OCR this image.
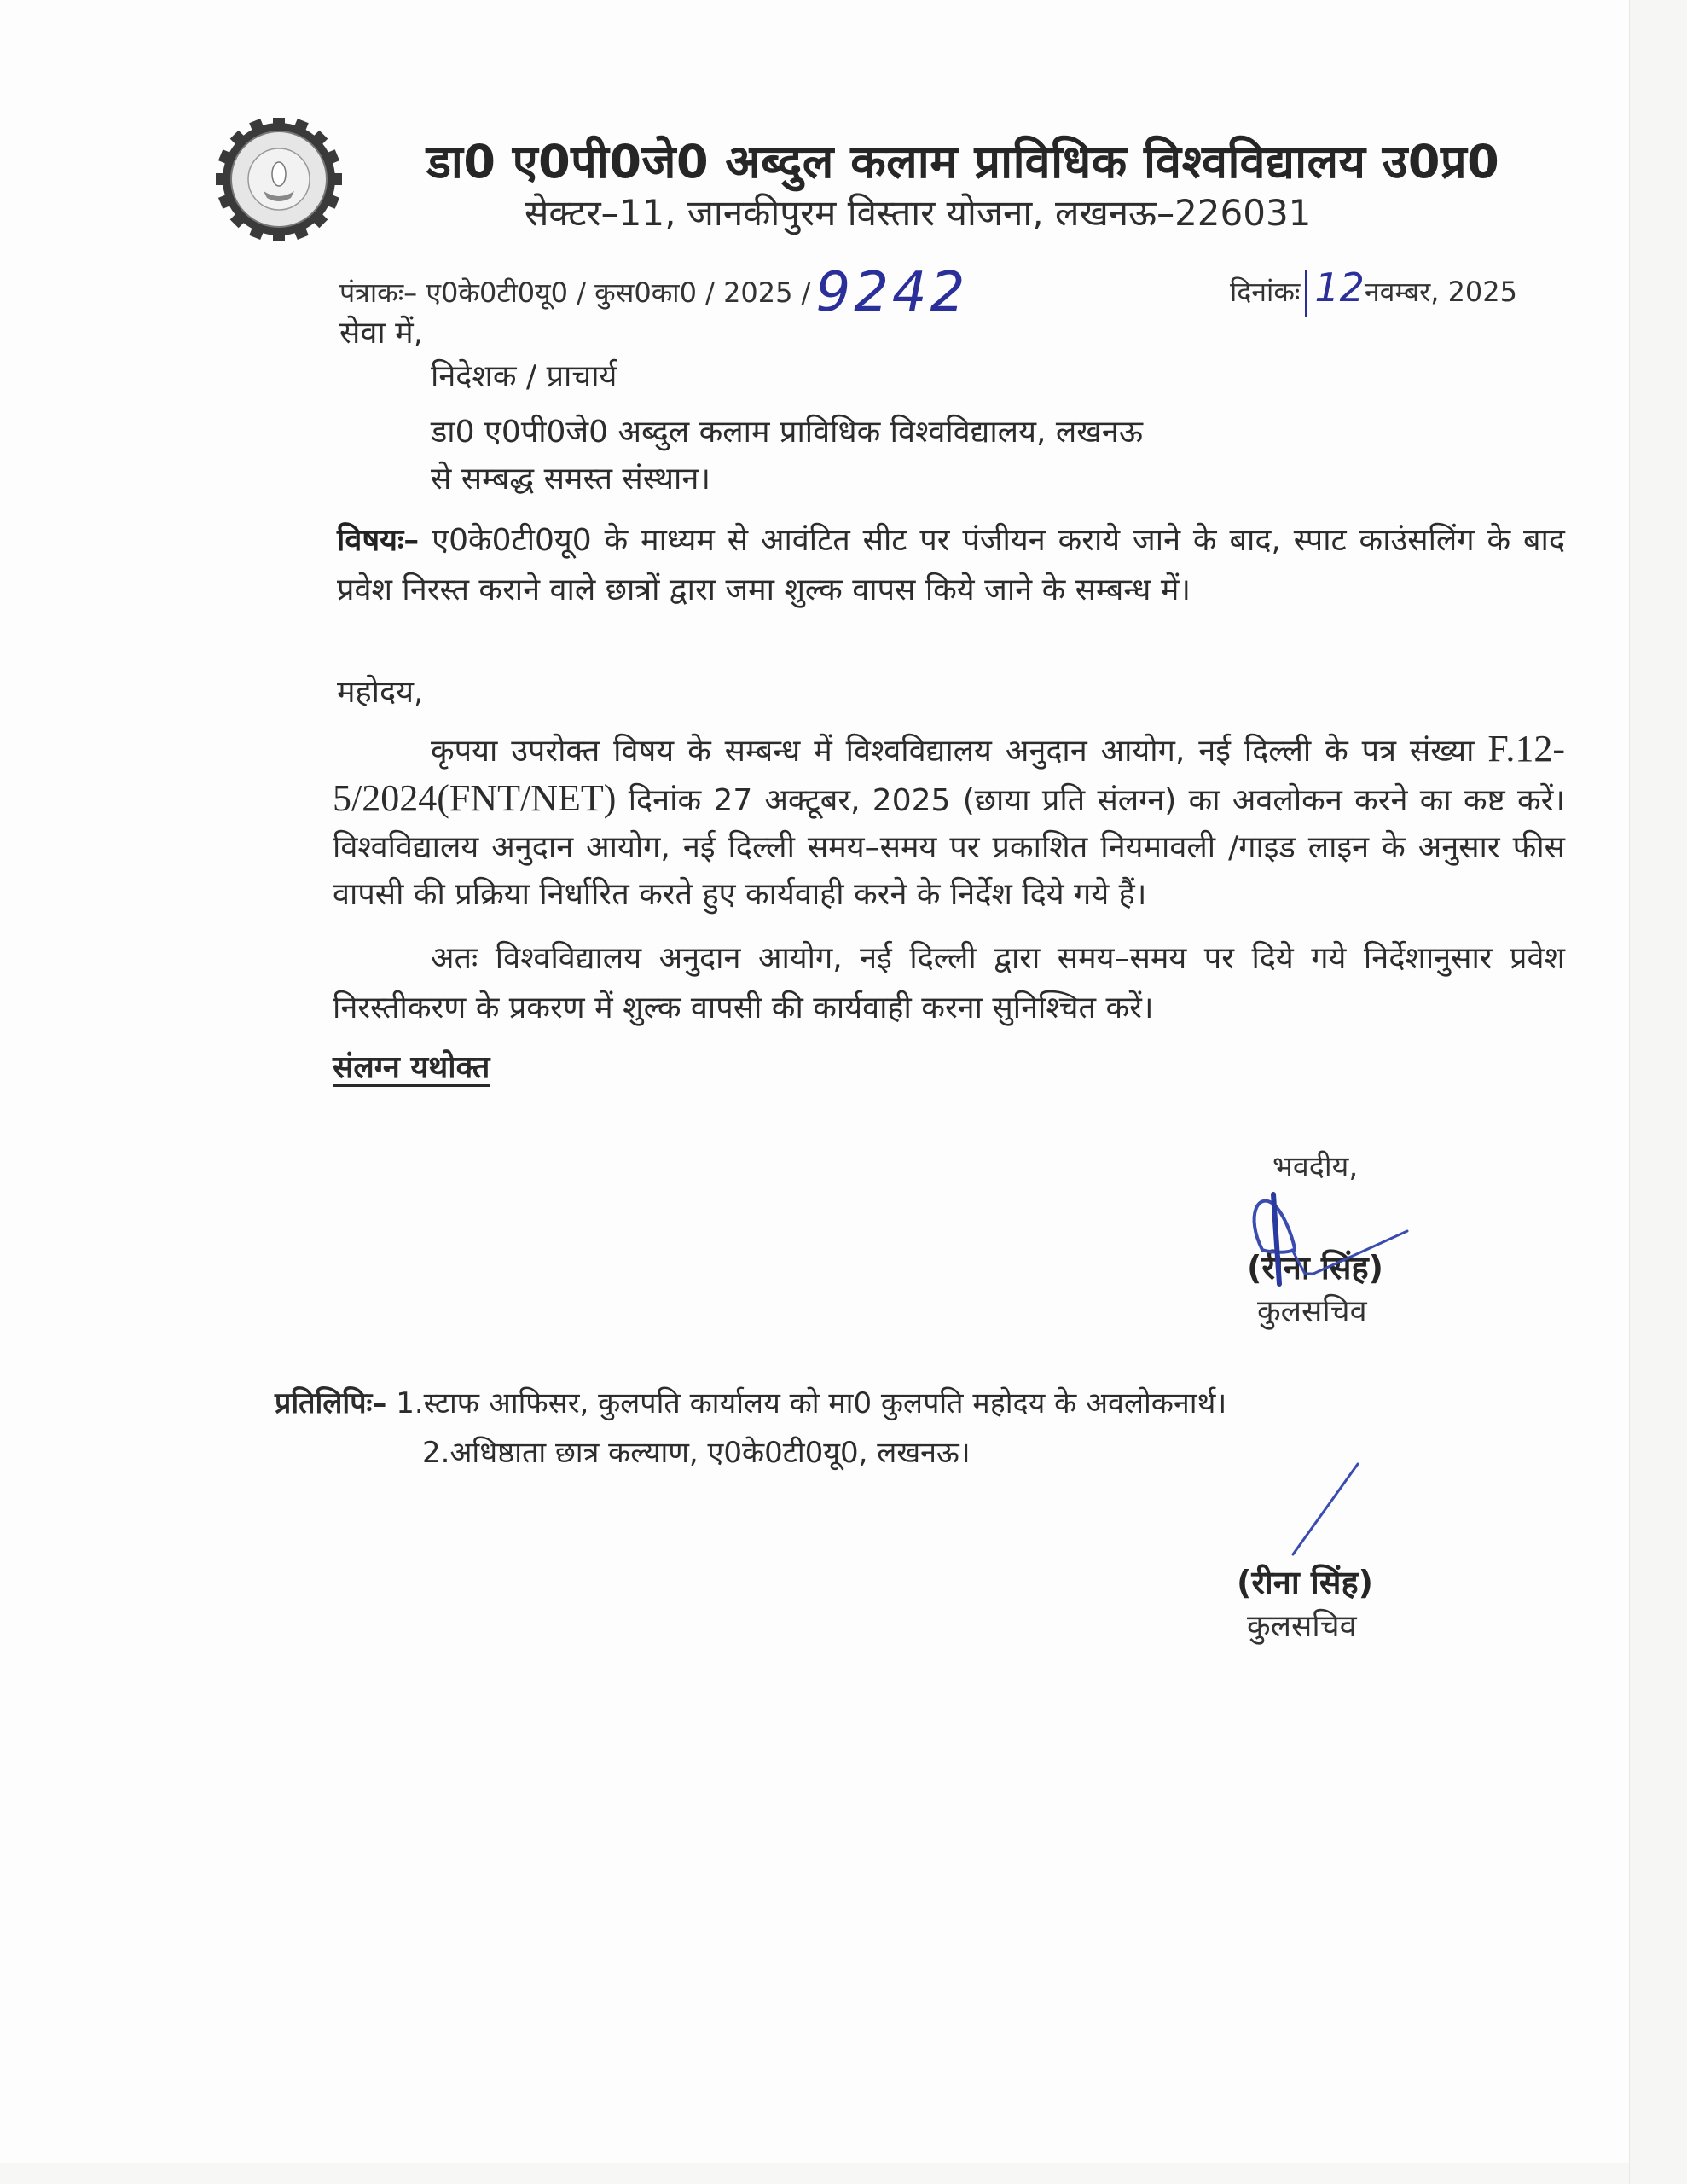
डा0 ए0पी0जे0 अब्दुल कलाम प्राविधिक विश्वविद्यालय उ0प्र0
सेक्टर–11, जानकीपुरम विस्तार योजना, लखनऊ–226031
पंत्राकः– ए0के0टी0यू0 / कुस0का0 / 2025 /9242	दिनांकः 12नवम्बर, 2025
सेवा में,
निदेशक / प्राचार्य
डा0 ए0पी0जे0 अब्दुल कलाम प्राविधिक विश्वविद्यालय, लखनऊ
से सम्बद्ध समस्त संस्थान।
विषयः– ए0के0टी0यू0 के माध्यम से आवंटित सीट पर पंजीयन कराये जाने के बाद, स्पाट काउंसलिंग के बाद प्रवेश निरस्त कराने वाले छात्रों द्वारा जमा शुल्क वापस किये जाने के सम्बन्ध में।
महोदय,
कृपया उपरोक्त विषय के सम्बन्ध में विश्वविद्यालय अनुदान आयोग, नई दिल्ली के पत्र संख्या F.12-5/2024(FNT/NET) दिनांक 27 अक्टूबर, 2025 (छाया प्रति संलग्न) का अवलोकन करने का कष्ट करें। विश्वविद्यालय अनुदान आयोग, नई दिल्ली समय–समय पर प्रकाशित नियमावली /गाइड लाइन के अनुसार फीस वापसी की प्रक्रिया निर्धारित करते हुए कार्यवाही करने के निर्देश दिये गये हैं।
अतः विश्वविद्यालय अनुदान आयोग, नई दिल्ली द्वारा समय–समय पर दिये गये निर्देशानुसार प्रवेश निरस्तीकरण के प्रकरण में शुल्क वापसी की कार्यवाही करना सुनिश्चित करें।
संलग्न यथोक्त
भवदीय,
(रीना सिंह)
कुलसचिव
प्रतिलिपिः– 1.स्टाफ आफिसर, कुलपति कार्यालय को मा0 कुलपति महोदय के अवलोकनार्थ।
2.अधिष्ठाता छात्र कल्याण, ए0के0टी0यू0, लखनऊ।
(रीना सिंह)
कुलसचिव
